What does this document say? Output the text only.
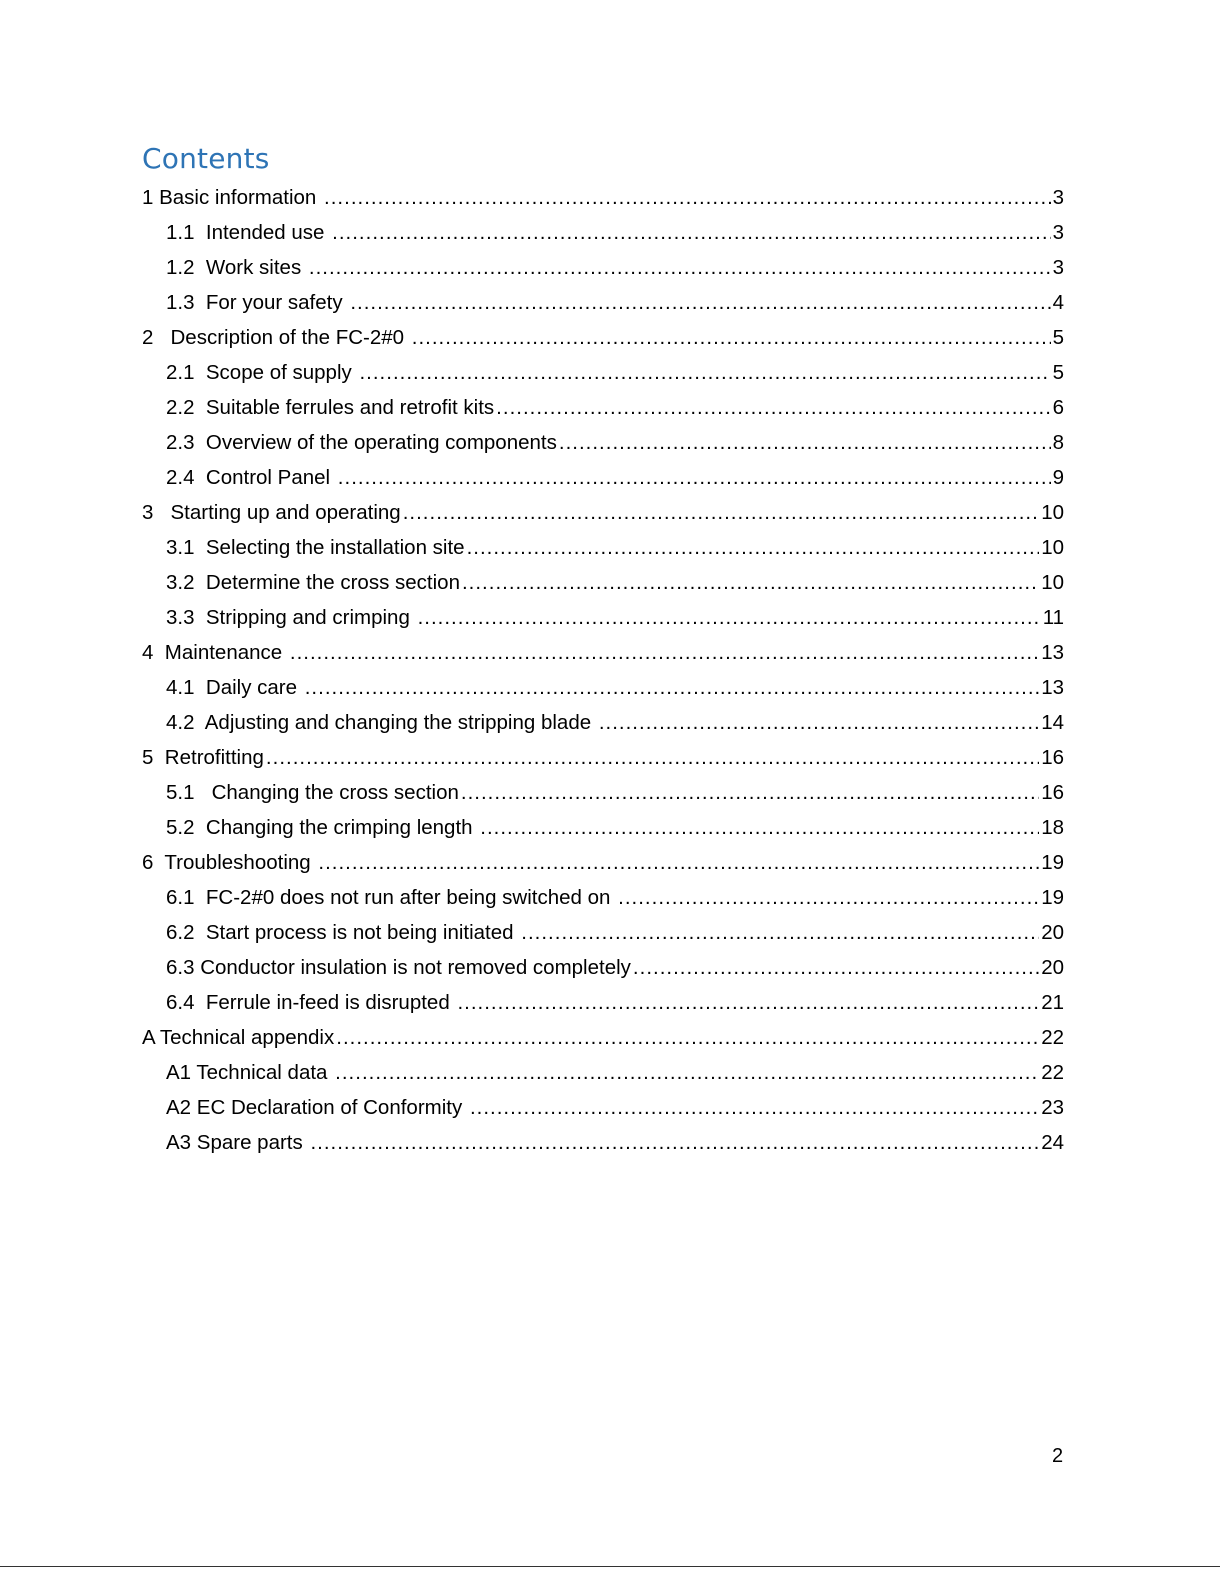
Contents
1 Basic information .....	3
1.1  Intended use .....	3
1.2  Work sites .....	3
1.3  For your safety .....	4
2   Description of the FC-2#0 .....	5
2.1  Scope of supply .....	5
2.2  Suitable ferrules and retrofit kits .....	6
2.3  Overview of the operating components .....	8
2.4  Control Panel .....	9
3   Starting up and operating .....	10
3.1  Selecting the installation site .....	10
3.2  Determine the cross section .....	10
3.3  Stripping and crimping .....	11
4  Maintenance .....	13
4.1  Daily care .....	13
4.2  Adjusting and changing the stripping blade .....	14
5  Retrofitting .....	16
5.1   Changing the cross section .....	16
5.2  Changing the crimping length .....	18
6  Troubleshooting .....	19
6.1  FC-2#0 does not run after being switched on .....	19
6.2  Start process is not being initiated .....	20
6.3 Conductor insulation is not removed completely .....	20
6.4  Ferrule in-feed is disrupted .....	21
A Technical appendix .....	22
A1 Technical data .....	22
A2 EC Declaration of Conformity .....	23
A3 Spare parts .....	24
2
